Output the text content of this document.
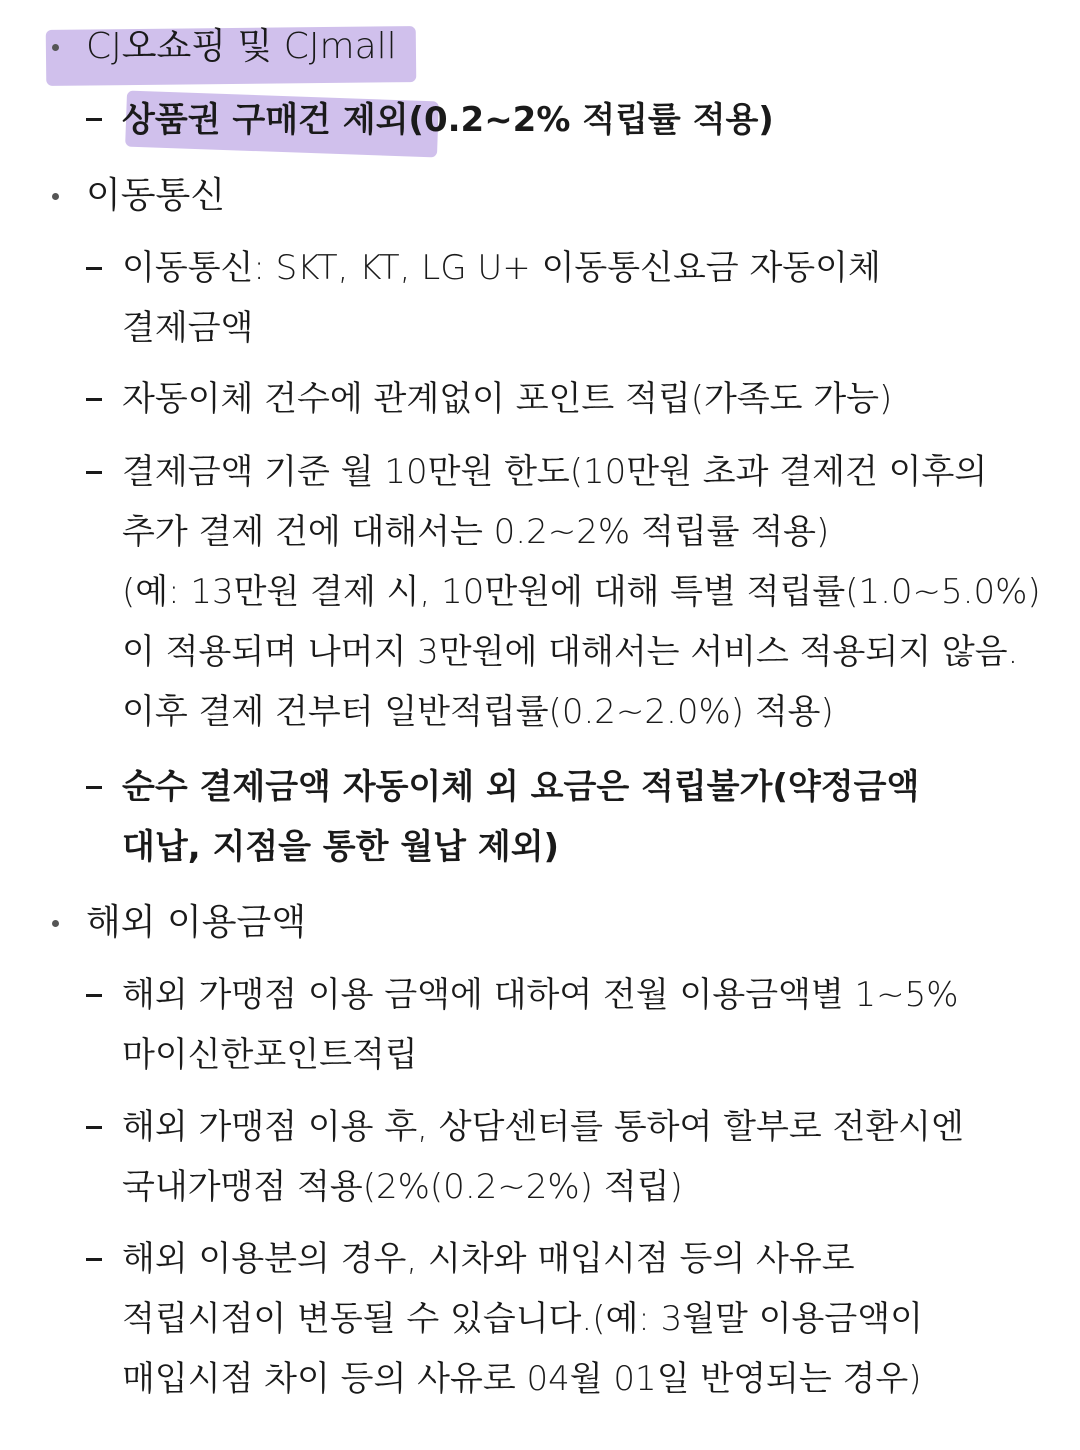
CJ오쇼핑 및 CJmall
상품권 구매건 제외(0.2~2% 적립률 적용)
이동통신
이동통신: SKT, KT, LG U+ 이동통신요금 자동이체
결제금액
자동이체 건수에 관계없이 포인트 적립(가족도 가능)
결제금액 기준 월 10만원 한도(10만원 초과 결제건 이후의
추가 결제 건에 대해서는 0.2~2% 적립률 적용)
(예: 13만원 결제 시, 10만원에 대해 특별 적립률(1.0~5.0%)
이 적용되며 나머지 3만원에 대해서는 서비스 적용되지 않음.
이후 결제 건부터 일반적립률(0.2~2.0%) 적용)
순수 결제금액 자동이체 외 요금은 적립불가(약정금액
대납, 지점을 통한 월납 제외)
해외 이용금액
해외 가맹점 이용 금액에 대하여 전월 이용금액별 1~5%
마이신한포인트적립
해외 가맹점 이용 후, 상담센터를 통하여 할부로 전환시엔
국내가맹점 적용(2%(0.2~2%) 적립)
해외 이용분의 경우, 시차와 매입시점 등의 사유로
적립시점이 변동될 수 있습니다.(예: 3월말 이용금액이
매입시점 차이 등의 사유로 04월 01일 반영되는 경우)
